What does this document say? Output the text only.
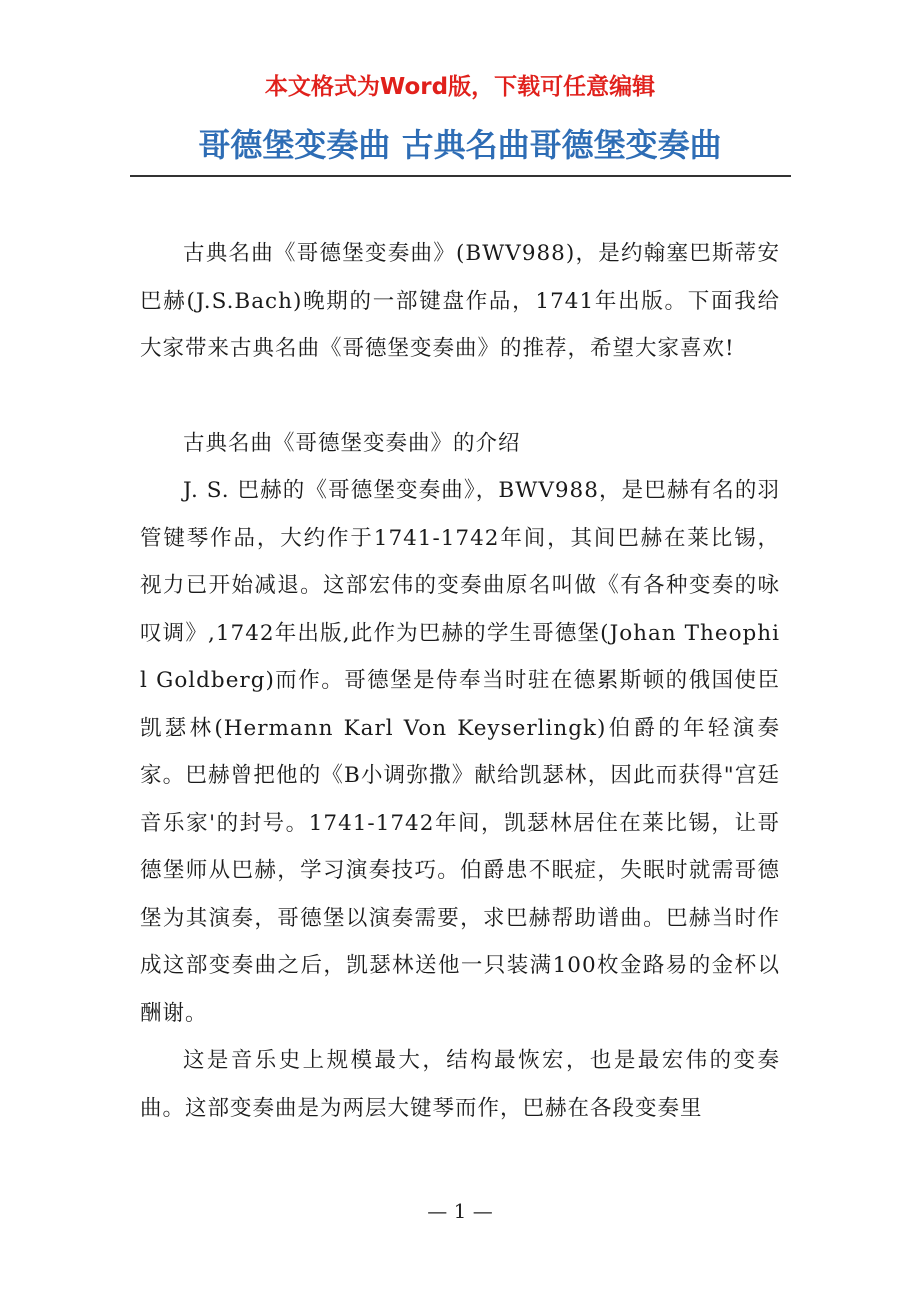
本文格式为Word版，下载可任意编辑
哥德堡变奏曲 古典名曲哥德堡变奏曲

古典名曲《哥德堡变奏曲》(BWV988)，是约翰塞巴斯蒂安巴赫(J.S.Bach)晚期的一部键盘作品，1741年出版。下面我给大家带来古典名曲《哥德堡变奏曲》的推荐，希望大家喜欢!

古典名曲《哥德堡变奏曲》的介绍

J. S. 巴赫的《哥德堡变奏曲》，BWV988，是巴赫有名的羽管键琴作品，大约作于1741-1742年间，其间巴赫在莱比锡，视力已开始减退。这部宏伟的变奏曲原名叫做《有各种变奏的咏叹调》,1742年出版,此作为巴赫的学生哥德堡(Johan Theophil Goldberg)而作。哥德堡是侍奉当时驻在德累斯顿的俄国使臣凯瑟林(Hermann Karl Von Keyserlingk)伯爵的年轻演奏家。巴赫曾把他的《B小调弥撒》献给凯瑟林，因此而获得"宫廷音乐家'的封号。1741-1742年间，凯瑟林居住在莱比锡，让哥德堡师从巴赫，学习演奏技巧。伯爵患不眠症，失眠时就需哥德堡为其演奏，哥德堡以演奏需要，求巴赫帮助谱曲。巴赫当时作成这部变奏曲之后，凯瑟林送他一只装满100枚金路易的金杯以酬谢。

这是音乐史上规模最大，结构最恢宏，也是最宏伟的变奏曲。这部变奏曲是为两层大键琴而作，巴赫在各段变奏里

— 1 —
